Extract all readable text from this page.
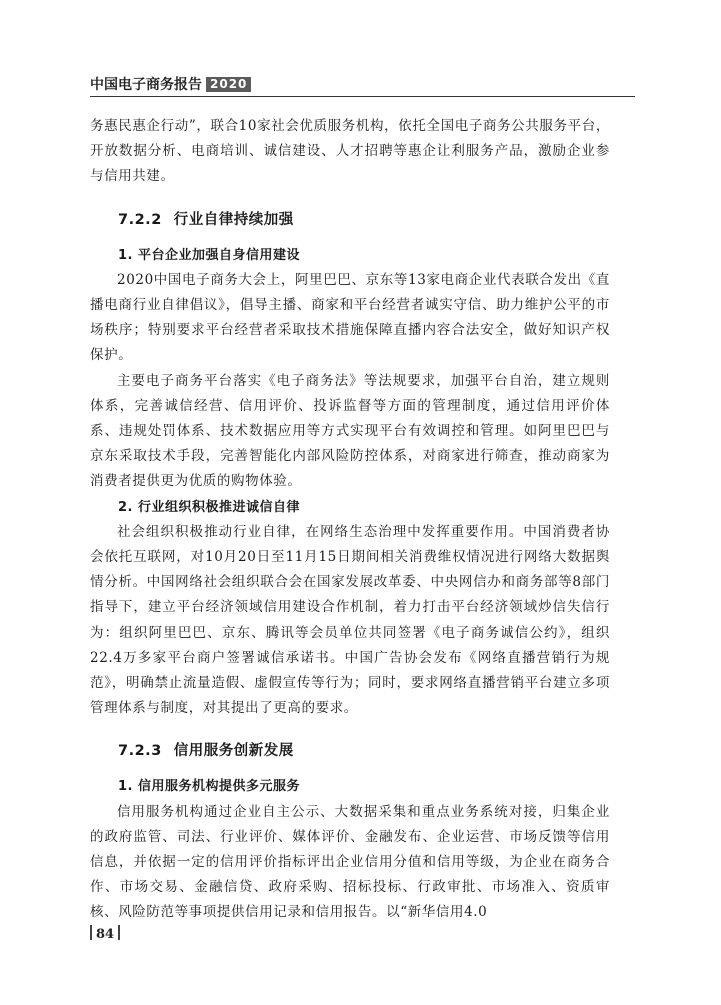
中国电子商务报告 2020

务惠民惠企行动”，联合10家社会优质服务机构，依托全国电子商务公共服务平台，开放数据分析、电商培训、诚信建设、人才招聘等惠企让利服务产品，激励企业参与信用共建。

7.2.2 行业自律持续加强
1. 平台企业加强自身信用建设

2020中国电子商务大会上，阿里巴巴、京东等13家电商企业代表联合发出《直播电商行业自律倡议》，倡导主播、商家和平台经营者诚实守信、助力维护公平的市场秩序；特别要求平台经营者采取技术措施保障直播内容合法安全，做好知识产权保护。

主要电子商务平台落实《电子商务法》等法规要求，加强平台自治，建立规则体系，完善诚信经营、信用评价、投诉监督等方面的管理制度，通过信用评价体系、违规处罚体系、技术数据应用等方式实现平台有效调控和管理。如阿里巴巴与京东采取技术手段，完善智能化内部风险防控体系，对商家进行筛查，推动商家为消费者提供更为优质的购物体验。

2. 行业组织积极推进诚信自律

社会组织积极推动行业自律，在网络生态治理中发挥重要作用。中国消费者协会依托互联网，对10月20日至11月15日期间相关消费维权情况进行网络大数据舆情分析。中国网络社会组织联合会在国家发展改革委、中央网信办和商务部等8部门指导下，建立平台经济领域信用建设合作机制，着力打击平台经济领域炒信失信行为：组织阿里巴巴、京东、腾讯等会员单位共同签署《电子商务诚信公约》，组织22.4万多家平台商户签署诚信承诺书。中国广告协会发布《网络直播营销行为规范》，明确禁止流量造假、虚假宣传等行为；同时，要求网络直播营销平台建立多项管理体系与制度，对其提出了更高的要求。

7.2.3 信用服务创新发展
1. 信用服务机构提供多元服务

信用服务机构通过企业自主公示、大数据采集和重点业务系统对接，归集企业的政府监管、司法、行业评价、媒体评价、金融发布、企业运营、市场反馈等信用信息，并依据一定的信用评价指标评出企业信用分值和信用等级，为企业在商务合作、市场交易、金融信贷、政府采购、招标投标、行政审批、市场准入、资质审核、风险防范等事项提供信用记录和信用报告。以“新华信用4.0

84
